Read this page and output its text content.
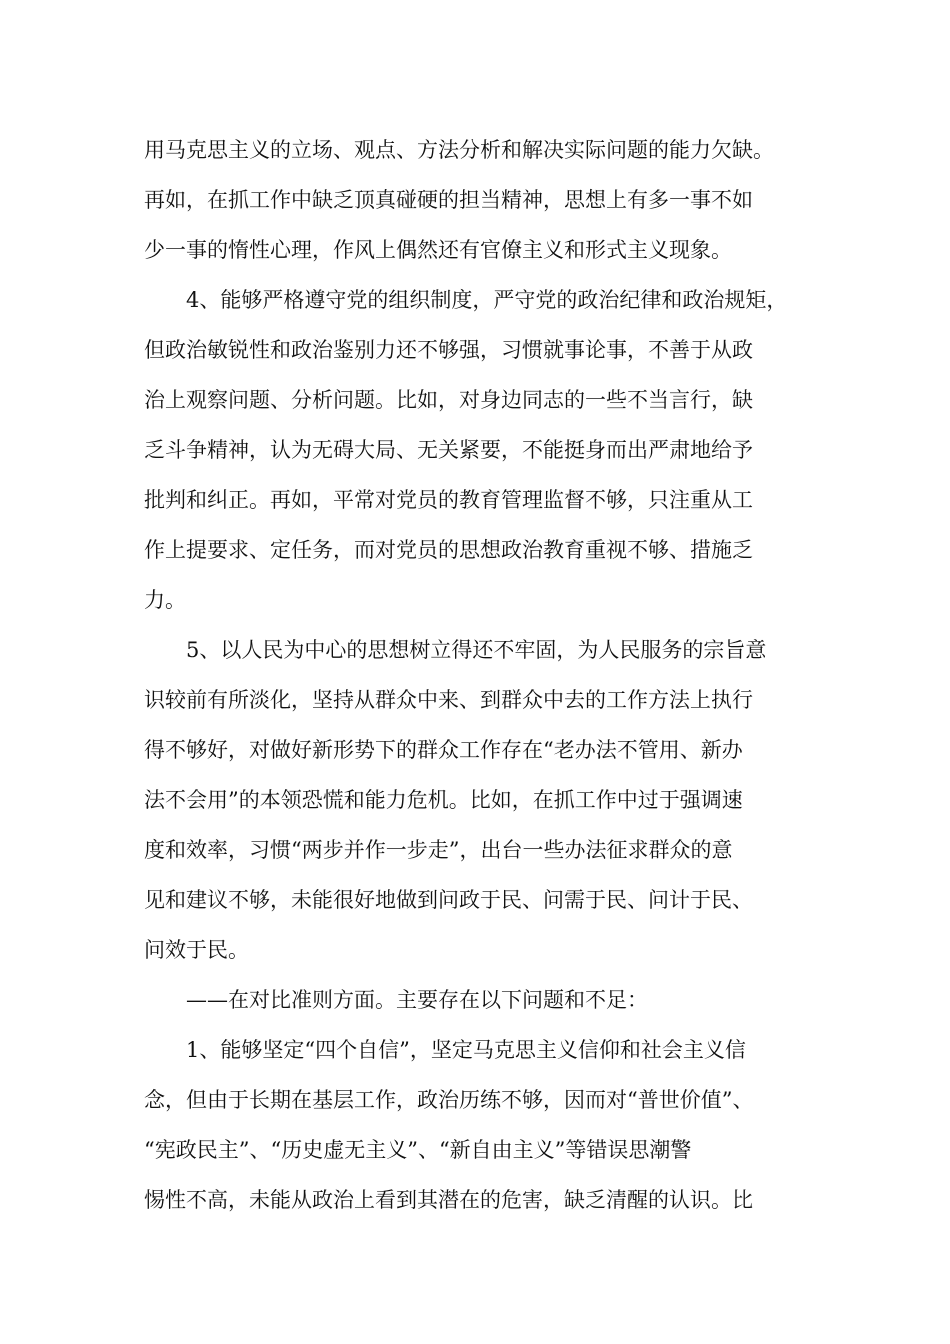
用马克思主义的立场、观点、方法分析和解决实际问题的能力欠缺。
再如，在抓工作中缺乏顶真碰硬的担当精神，思想上有多一事不如
少一事的惰性心理，作风上偶然还有官僚主义和形式主义现象。
4、能够严格遵守党的组织制度，严守党的政治纪律和政治规矩，
但政治敏锐性和政治鉴别力还不够强，习惯就事论事，不善于从政
治上观察问题、分析问题。比如，对身边同志的一些不当言行，缺
乏斗争精神，认为无碍大局、无关紧要，不能挺身而出严肃地给予
批判和纠正。再如，平常对党员的教育管理监督不够，只注重从工
作上提要求、定任务，而对党员的思想政治教育重视不够、措施乏
力。
5、以人民为中心的思想树立得还不牢固，为人民服务的宗旨意
识较前有所淡化，坚持从群众中来、到群众中去的工作方法上执行
得不够好，对做好新形势下的群众工作存在“老办法不管用、新办
法不会用”的本领恐慌和能力危机。比如，在抓工作中过于强调速
度和效率，习惯“两步并作一步走”，出台一些办法征求群众的意
见和建议不够，未能很好地做到问政于民、问需于民、问计于民、
问效于民。
——在对比准则方面。主要存在以下问题和不足：
1、能够坚定“四个自信”，坚定马克思主义信仰和社会主义信
念，但由于长期在基层工作，政治历练不够，因而对“普世价值”、
“宪政民主”、“历史虚无主义”、“新自由主义”等错误思潮警
惕性不高，未能从政治上看到其潜在的危害，缺乏清醒的认识。比
